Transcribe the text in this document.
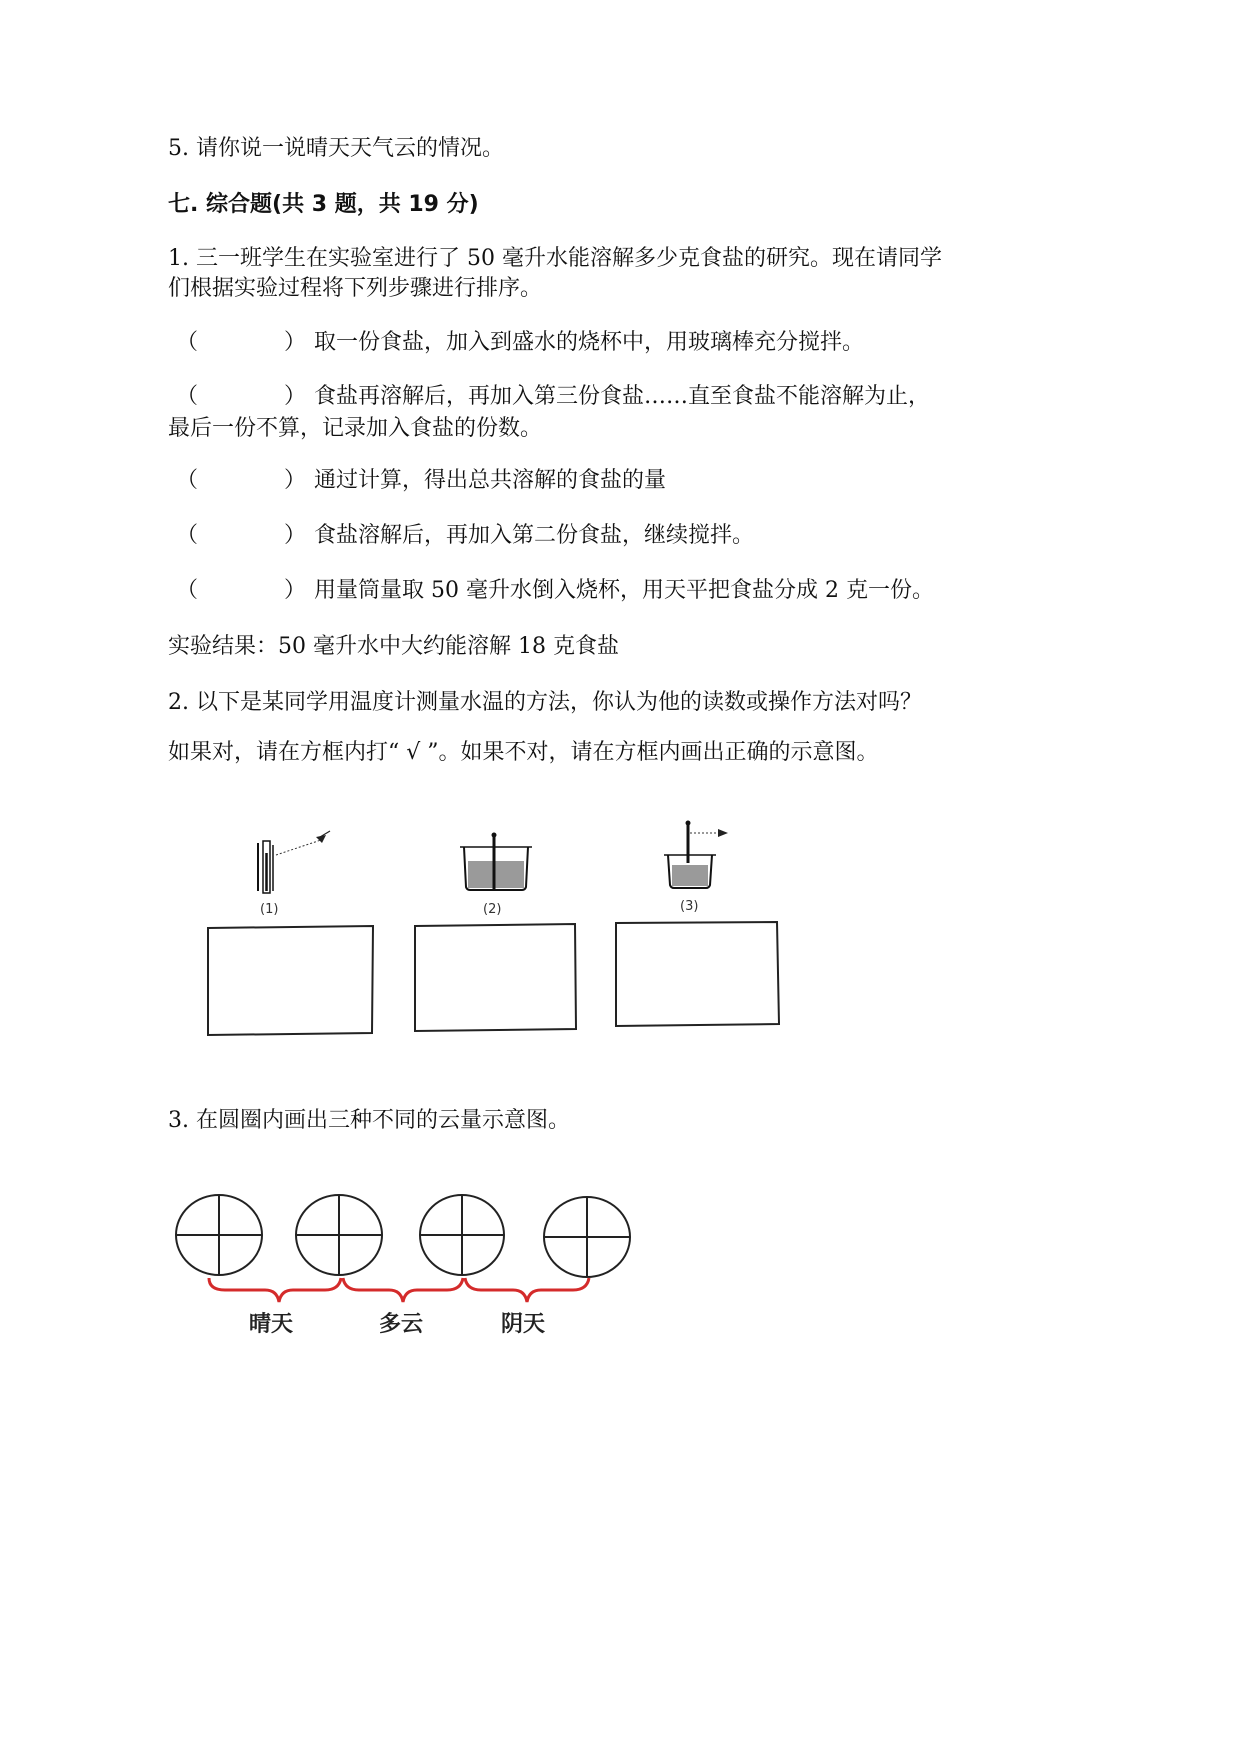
5. 请你说一说晴天天气云的情况。
七. 综合题(共 3 题，共 19 分)
1. 三一班学生在实验室进行了 50 毫升水能溶解多少克食盐的研究。现在请同学
们根据实验过程将下列步骤进行排序。
（	） 取一份食盐，加入到盛水的烧杯中，用玻璃棒充分搅拌。
（	） 食盐再溶解后，再加入第三份食盐……直至食盐不能溶解为止，
最后一份不算，记录加入食盐的份数。
（	） 通过计算，得出总共溶解的食盐的量
（	） 食盐溶解后，再加入第二份食盐，继续搅拌。
（	） 用量筒量取 50 毫升水倒入烧杯，用天平把食盐分成 2 克一份。
实验结果：50 毫升水中大约能溶解 18 克食盐
2. 以下是某同学用温度计测量水温的方法，你认为他的读数或操作方法对吗？
如果对，请在方框内打“ √ ”。如果不对，请在方框内画出正确的示意图。
(1)	(2)	(3)
3. 在圆圈内画出三种不同的云量示意图。
晴天	多云	阴天
